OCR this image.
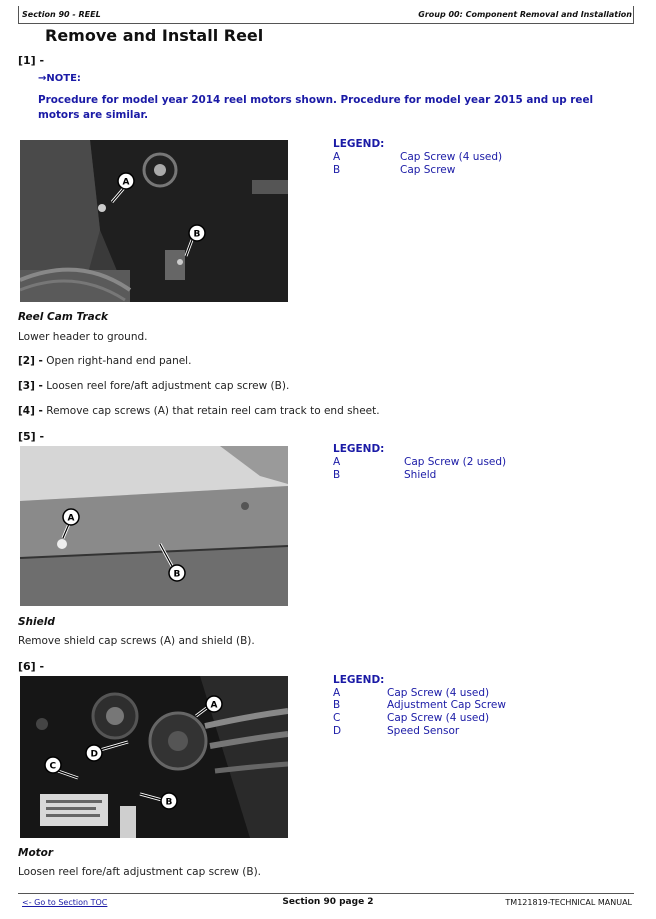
Section 90 - REEL	Group 00: Component Removal and Installation
Remove and Install Reel
[1] -
→NOTE:
Procedure for model year 2014 reel motors shown. Procedure for model year 2015 and up reel motors are similar.
A
B
LEGEND:
A	Cap Screw (4 used)
B	Cap Screw
Reel Cam Track
Lower header to ground.
[2] - Open right-hand end panel.
[3] - Loosen reel fore/aft adjustment cap screw (B).
[4] - Remove cap screws (A) that retain reel cam track to end sheet.
[5] -
A
B
LEGEND:
A	Cap Screw (2 used)
B	Shield
Shield
Remove shield cap screws (A) and shield (B).
[6] -
A
B
C
D
LEGEND:
A	Cap Screw (4 used)
B	Adjustment Cap Screw
C	Cap Screw (4 used)
D	Speed Sensor
Motor
Loosen reel fore/aft adjustment cap screw (B).
<- Go to Section TOC	Section 90 page 2	TM121819-TECHNICAL MANUAL
